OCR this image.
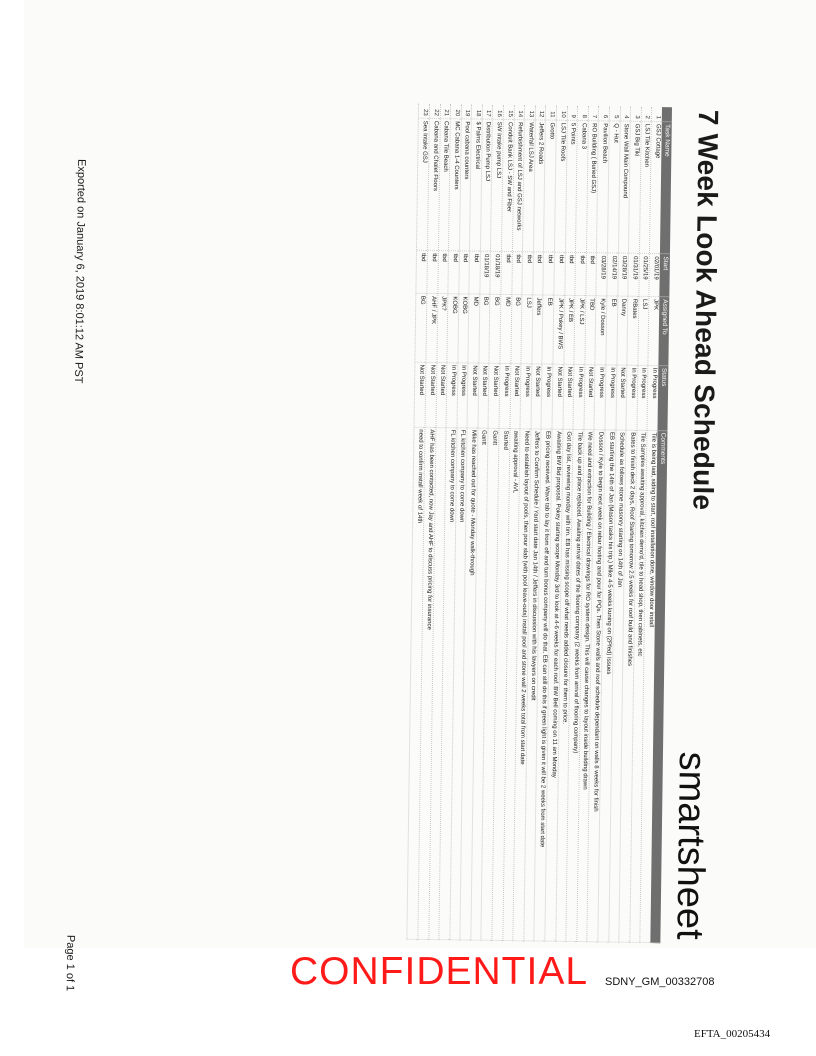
7 Week Look Ahead Schedule
smartsheet
Task Name
Start
Assigned To
Status
Comments
1
GSJ Cottage
02/01/19
JPK
In Progress
Tile is being laid, siding to start, roof installation done, window door install
2
LSJ Tile Kitchen
01/25/19
LSJ
In Progress
Tile Samples awaiting approval, kitchen demo'd, tile to head shop, then cabinets, etc
3
GSJ Big Tiki
01/31/19
RBates
In Progress
Bates to finish deck 2 days, Roof Starting tomorrow 2.5 weeks for roof build and finishes
4
Stone Wall Main Compound
03/28/19
Danny
Not Started
Schedule as follows stone masonry starting on 14th of Jan
5
Q - Hut
02/14/19
EB
In Progress
EB starting the 14th of Jan (Mason tasks his trip,) Mike 4-5 weeks kuning on (2Pfed) Issues
6
Pavilion Beach
03/28/19
Kyle / Dosson
In Progress
Dosson / Kyle to begin next week on rebar footing and pour for PQs. Then Stone walls and roof schedule dependant on walls 8 weeks for finish
7
RO Building ( Buried GSJ)
tbd
TBD
Not Started
We need and extraction for Building / Electrical drawings for RO system design. This will cause changes to layout inside building drawn
8
Cabana 3
tbd
JPK / LSJ
In Progress
Tile back up and place replaced. Awaiting arrival dates of the flooring company (2 weeks from arrival of flooring company)
9
5 Points
tbd
JPK / EB
Not Started
Got day list, reviewing monday with tim. EB has missing scope off what needs added closure for them to price.
10
LSJ Tile Roofs
tbd
JPK / Pokey / BWS
Not Started
Awaiting BW Bid proposal. Pokey starting scope Monday 3rd to look at 4-6 weeks for each roof. BW Bell coming on 11 am Monday
11
Grotto
tbd
EB
In Progress
EB pricing received. Wave tab to lay it from off and turn bonus company will do that. EB can still do this if green light is given it will be 2 weeks from start date
12
Jeffers 2 Roads
tbd
Jeffers
Not Started
Jeffers to Confirm Schedule / Yard start date Jan 14th / Jeffers in discussion with his lawyers on credit
13
Waterfall LSJ Area
tbd
LSJ
In Progress
Need to establish layout of pools, then pour slab (with pool leave-outs) install pool and stone wall 2 weeks total from start date
14
Refurbishment of LSJ and GSJ networks
tbd
BG
Not Started
awaiting approval - AVL
15
Conduit Bank LSJ - SW and Fiber
tbd
MD
In Progress
Started
16
SW Intake pump LSJ
01/18/19
BG
Not Started
Gantt
17
Distribution Pump LSJ
01/18/19
BG
Not Started
Gantt
18
$ Palms Electrical
tbd
MD
Not Started
Mike has reached out for quote - Monday walk-through
19
Pool cabana counters
tbd
KOBG
In Progress
FL kitchen company to come down
20
MC Cabana 1-4 Counters
tbd
KOBG
In Progress
FL kitchen company to come down
21
Cabana Tile Beach
tbd
JPK?
Not Started
22
Cabana and Chalet Floors
tbd
AHF / JPK
Not Started
AHF has been contacted, now Jay and AHF to discuss pricing for insurance
23
Sea Intake GSJ
tbd
BG
Not Started
need to confirm install week of 14th
Exported on January 6, 2019 8:01:12 AM PST
Page 1 of 1	CONFIDENTIAL SDNY_GM_00332708
EFTA_00205434
